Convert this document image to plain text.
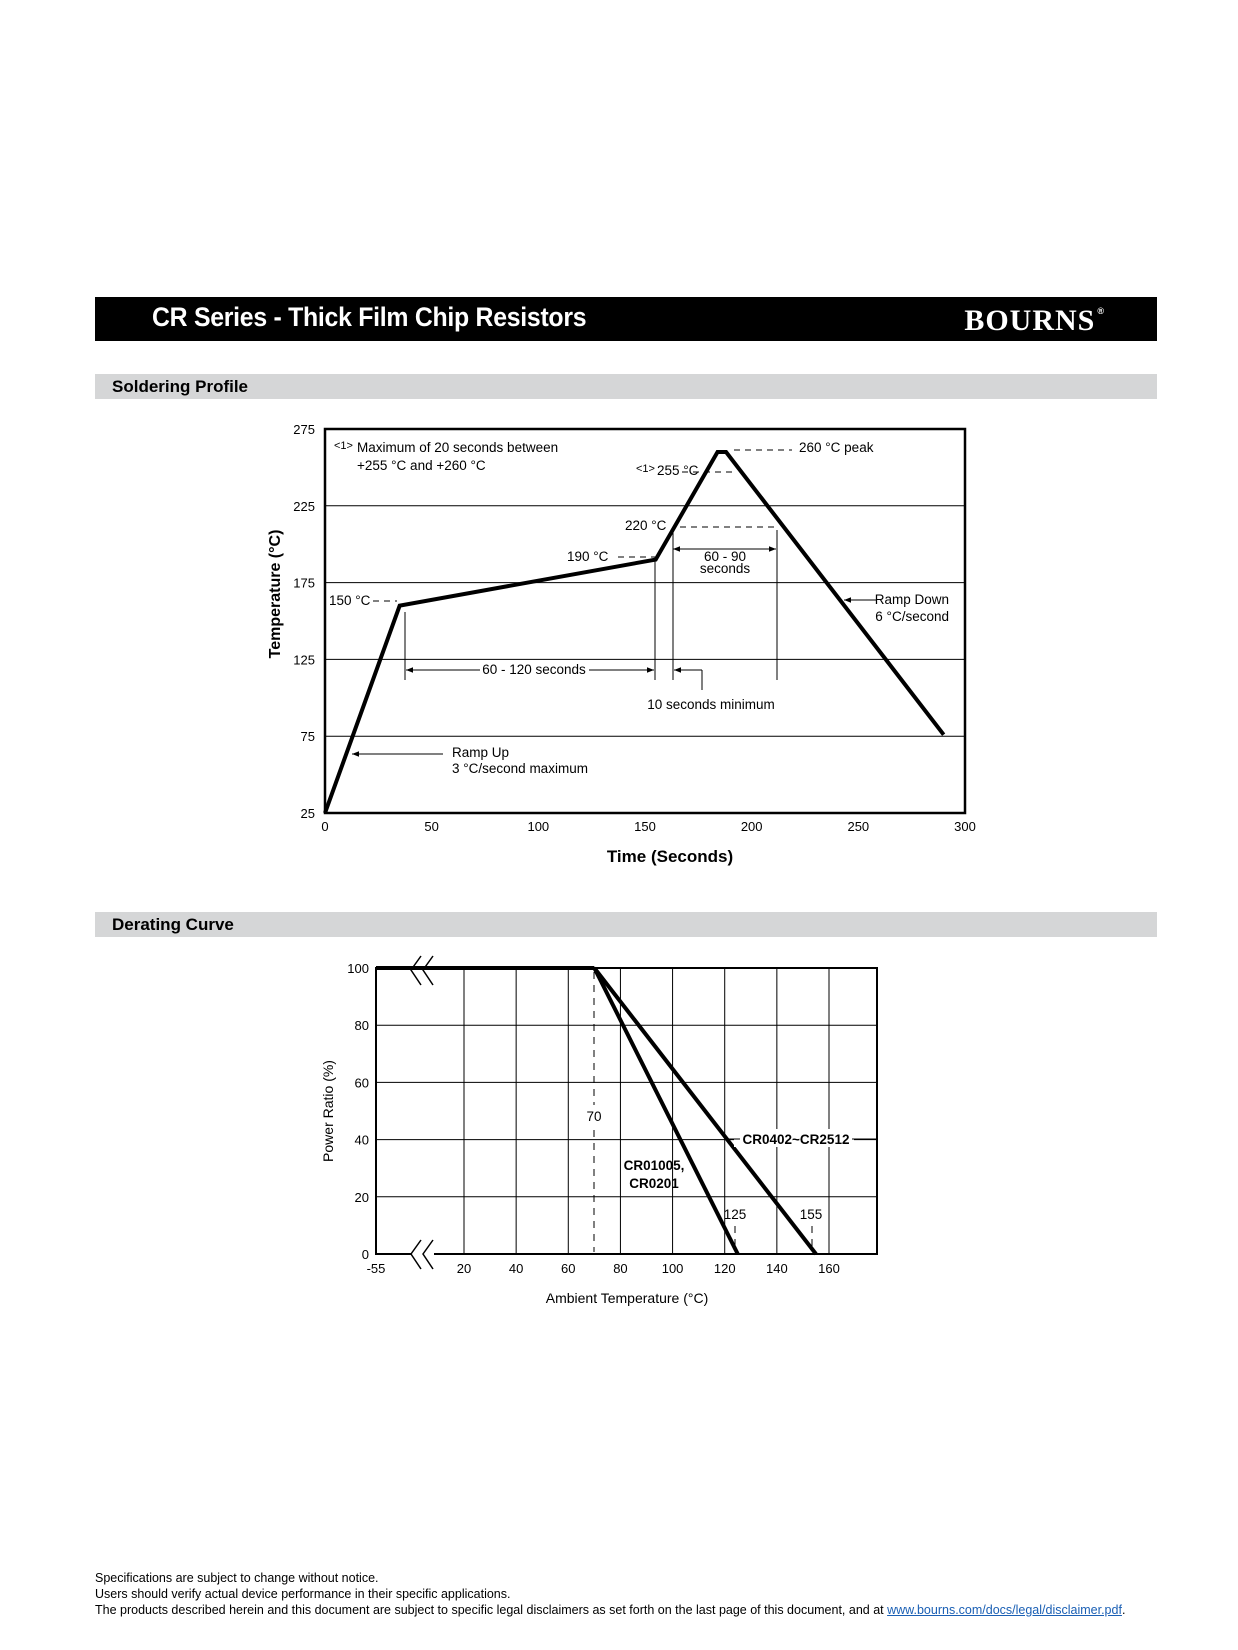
CR Series - Thick Film Chip Resistors	BOURNS ®
Soldering Profile
25
75
125
175
225
275
0	50	100	150	200	250	300
<1> Maximum of 20 seconds between
+255 °C and +260 °C
260 °C peak
<1> 255 °C
220 °C
190 °C	60 - 90
seconds
150 °C	Ramp Down
6 °C/second
60 - 120 seconds
10 seconds minimum
Ramp Up
3 °C/second maximum
Time (Seconds)
Temperature (°C)
Derating Curve
0
20
40
60
80
100
-55	20	40	60	80	100 120 140 160
70
125	155
CR01005,
CR0201
CR0402~CR2512
Ambient Temperature (°C)
Power Ratio (%)
Specifications are subject to change without notice.
Users should verify actual device performance in their specific applications.
The products described herein and this document are subject to specific legal disclaimers as set forth on the last page of this document, and at www.bourns.com/docs/legal/disclaimer.pdf.
